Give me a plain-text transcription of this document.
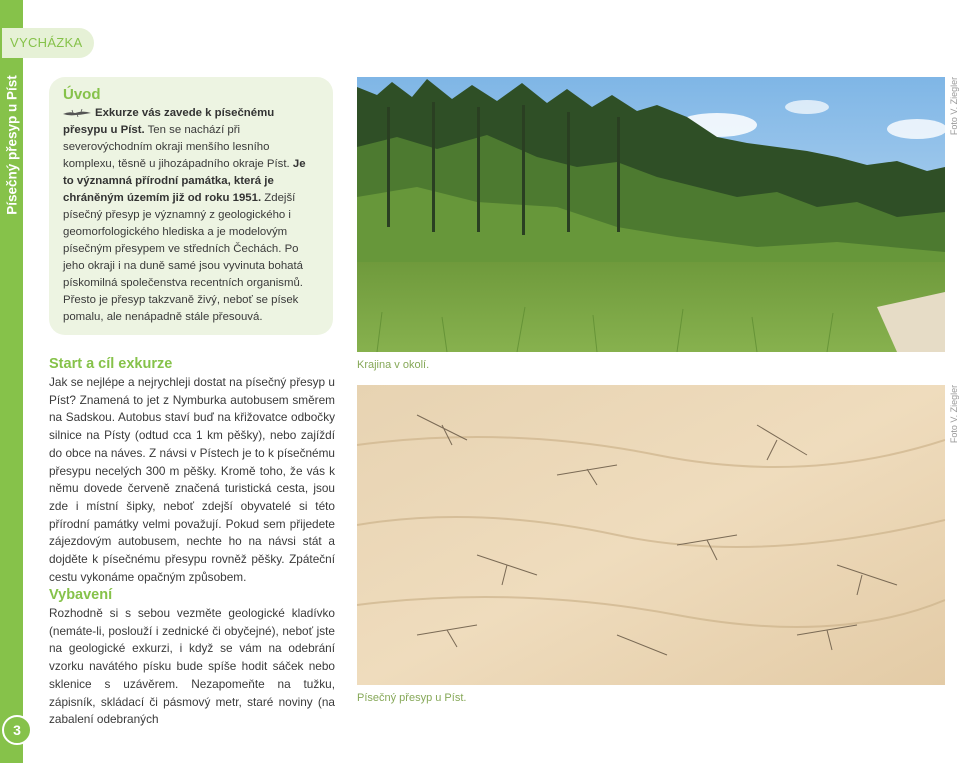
Písečný přesyp u Píst
3
VYCHÁZKA
Úvod

Exkurze vás zavede k písečnému přesypu u Píst. Ten se nachází při severovýchodním okraji menšího lesního komplexu, těsně u jihozápadního okraje Píst. Je to významná přírodní památka, která je chráněným územím již od roku 1951. Zdejší písečný přesyp je významný z geologického i geomorfologického hlediska a je modelovým písečným přesypem ve středních Čechách. Po jeho okraji i na duně samé jsou vyvinuta bohatá pískomilná společenstva recentních organismů. Přesto je přesyp takzvaně živý, neboť se písek pomalu, ale nenápadně stále přesouvá.

Start a cíl exkurze

Jak se nejlépe a nejrychleji dostat na písečný přesyp u Píst? Znamená to jet z Nymburka autobusem směrem na Sadskou. Autobus staví buď na křižovatce odbočky silnice na Písty (odtud cca 1 km pěšky), nebo zajíždí do obce na náves. Z návsi v Pístech je to k písečnému přesypu necelých 300 m pěšky. Kromě toho, že vás k němu dovede červeně značená turistická cesta, jsou zde i místní šipky, neboť zdejší obyvatelé si této přírodní památky velmi považují. Pokud sem přijedete zájezdovým autobusem, nechte ho na návsi stát a dojděte k písečnému přesypu rovněž pěšky. Zpáteční cestu vykonáme opačným způsobem.

Vybavení

Rozhodně si s sebou vezměte geologické kladívko (nemáte-li, poslouží i zednické či obyčejné), neboť jste na geologické exkurzi, i když se vám na odebrání vzorku navátého písku bude spíše hodit sáček nebo sklenice s uzávěrem. Nezapomeňte na tužku, zápisník, skládací či pásmový metr, staré noviny (na zabalení odebraných

Krajina v okolí.
Foto V. Ziegler
Písečný přesyp u Píst.
Foto V. Ziegler
